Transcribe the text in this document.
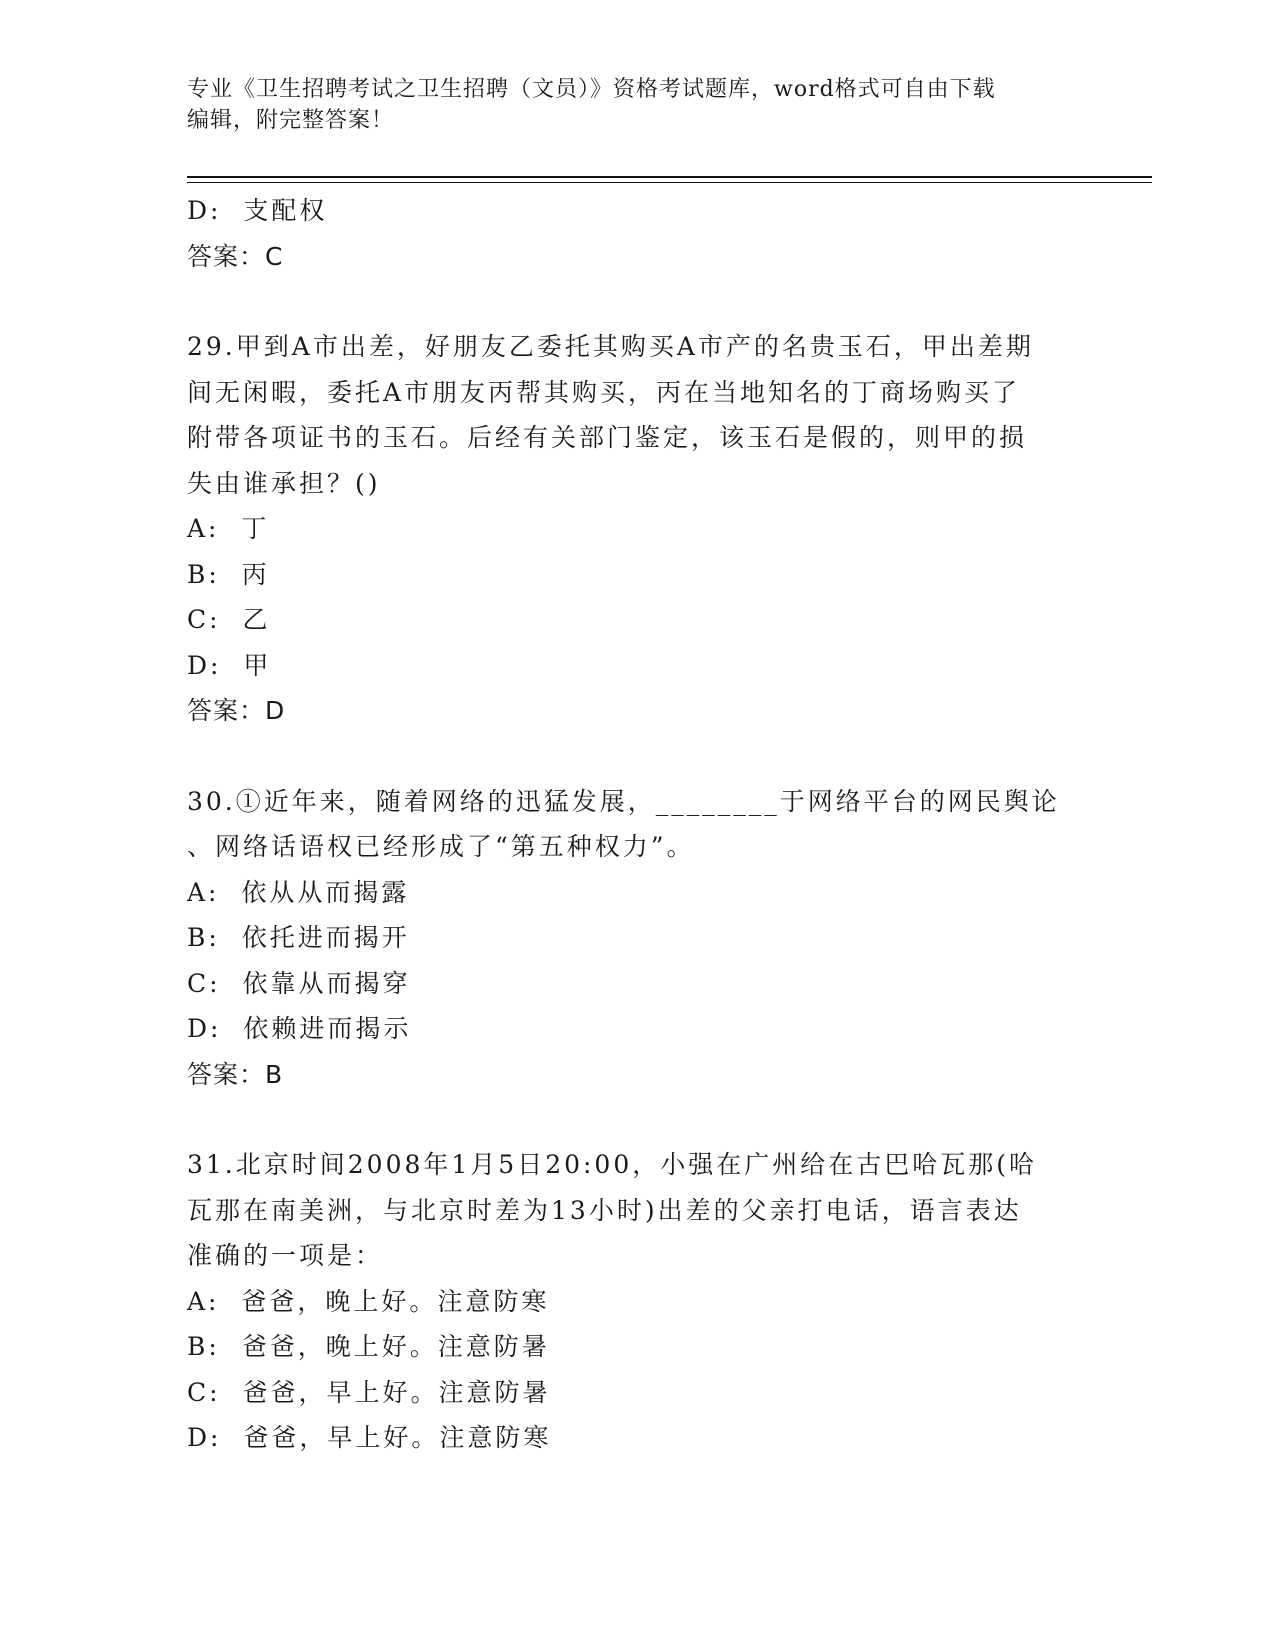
专业《卫生招聘考试之卫生招聘（文员）》资格考试题库，word格式可自由下载
编辑，附完整答案！
D:  支配权
答案：C
29.甲到A市出差，好朋友乙委托其购买A市产的名贵玉石，甲出差期
间无闲暇，委托A市朋友丙帮其购买，丙在当地知名的丁商场购买了
附带各项证书的玉石。后经有关部门鉴定，该玉石是假的，则甲的损
失由谁承担？()
A:  丁
B:  丙
C:  乙
D:  甲
答案：D
30.①近年来，随着网络的迅猛发展，________于网络平台的网民舆论
、网络话语权已经形成了“第五种权力”。
A:  依从从而揭露
B:  依托进而揭开
C:  依靠从而揭穿
D:  依赖进而揭示
答案：B
31.北京时间2008年1月5日20:00，小强在广州给在古巴哈瓦那(哈
瓦那在南美洲，与北京时差为13小时)出差的父亲打电话，语言表达
准确的一项是：
A:  爸爸，晚上好。注意防寒
B:  爸爸，晚上好。注意防暑
C:  爸爸，早上好。注意防暑
D:  爸爸，早上好。注意防寒
